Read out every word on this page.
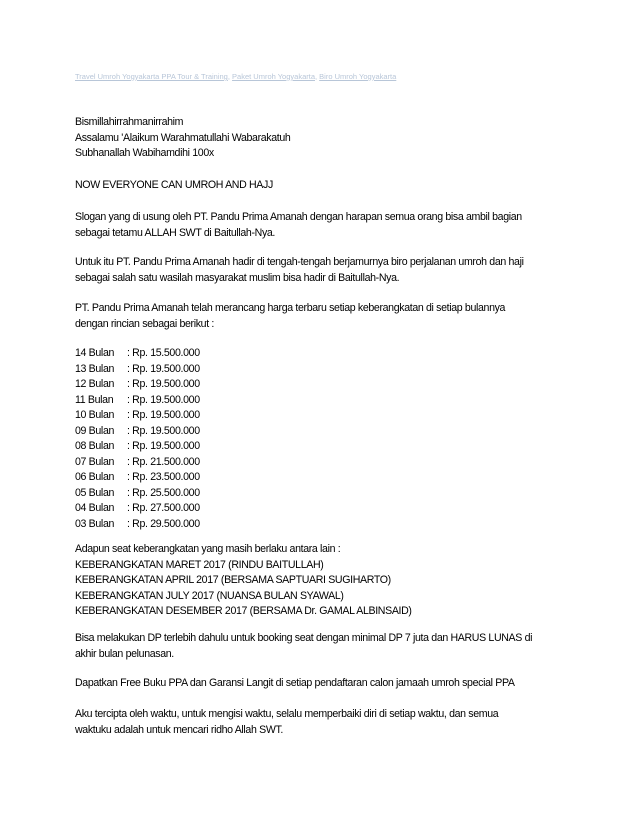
Travel Umroh Yogyakarta PPA Tour & Training, Paket Umroh Yogyakarta, Biro Umroh Yogyakarta

Bismillahirrahmanirrahim

Assalamu 'Alaikum Warahmatullahi Wabarakatuh

Subhanallah Wabihamdihi 100x

NOW EVERYONE CAN UMROH AND HAJJ

Slogan yang di usung oleh PT. Pandu Prima Amanah dengan harapan semua orang bisa ambil bagian

sebagai tetamu ALLAH SWT di Baitullah-Nya.

Untuk itu PT. Pandu Prima Amanah hadir di tengah-tengah berjamurnya biro perjalanan umroh dan haji

sebagai salah satu wasilah masyarakat muslim bisa hadir di Baitullah-Nya.

PT. Pandu Prima Amanah telah merancang harga terbaru setiap keberangkatan di setiap bulannya

dengan rincian sebagai berikut :

14 Bulan : Rp. 15.500.000
13 Bulan : Rp. 19.500.000
12 Bulan : Rp. 19.500.000
11 Bulan : Rp. 19.500.000
10 Bulan : Rp. 19.500.000
09 Bulan : Rp. 19.500.000
08 Bulan : Rp. 19.500.000
07 Bulan : Rp. 21.500.000
06 Bulan : Rp. 23.500.000
05 Bulan : Rp. 25.500.000
04 Bulan : Rp. 27.500.000
03 Bulan : Rp. 29.500.000

Adapun seat keberangkatan yang masih berlaku antara lain :

KEBERANGKATAN MARET 2017 (RINDU BAITULLAH)

KEBERANGKATAN APRIL 2017 (BERSAMA SAPTUARI SUGIHARTO)

KEBERANGKATAN JULY 2017 (NUANSA BULAN SYAWAL)

KEBERANGKATAN DESEMBER 2017 (BERSAMA Dr. GAMAL ALBINSAID)

Bisa melakukan DP terlebih dahulu untuk booking seat dengan minimal DP 7 juta dan HARUS LUNAS di

akhir bulan pelunasan.

Dapatkan Free Buku PPA dan Garansi Langit di setiap pendaftaran calon jamaah umroh special PPA

Aku tercipta oleh waktu, untuk mengisi waktu, selalu memperbaiki diri di setiap waktu, dan semua

waktuku adalah untuk mencari ridho Allah SWT.
